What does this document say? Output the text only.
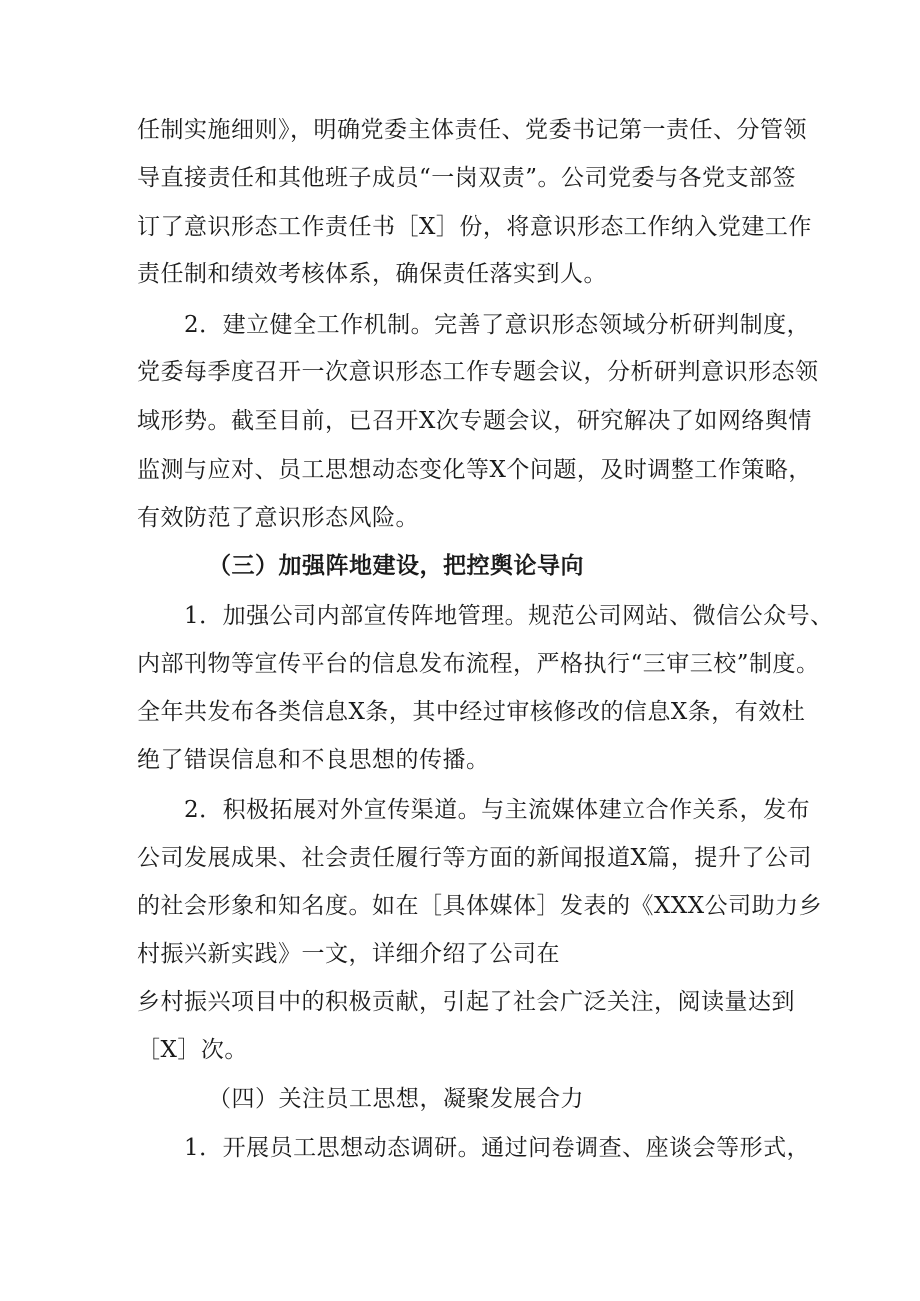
任制实施细则》，明确党委主体责任、党委书记第一责任、分管领
导直接责任和其他班子成员“一岗双责”。公司党委与各党支部签
订了意识形态工作责任书［X］份，将意识形态工作纳入党建工作
责任制和绩效考核体系，确保责任落实到人。
2．建立健全工作机制。完善了意识形态领域分析研判制度，
党委每季度召开一次意识形态工作专题会议，分析研判意识形态领
域形势。截至目前，已召开X次专题会议，研究解决了如网络舆情
监测与应对、员工思想动态变化等X个问题，及时调整工作策略，
有效防范了意识形态风险。
（三）加强阵地建设，把控舆论导向
1．加强公司内部宣传阵地管理。规范公司网站、微信公众号、
内部刊物等宣传平台的信息发布流程，严格执行“三审三校”制度。
全年共发布各类信息X条，其中经过审核修改的信息X条，有效杜
绝了错误信息和不良思想的传播。
2．积极拓展对外宣传渠道。与主流媒体建立合作关系，发布
公司发展成果、社会责任履行等方面的新闻报道X篇，提升了公司
的社会形象和知名度。如在［具体媒体］发表的《XXX公司助力乡
村振兴新实践》一文，详细介绍了公司在
乡村振兴项目中的积极贡献，引起了社会广泛关注，阅读量达到
［X］次。
（四）关注员工思想，凝聚发展合力
1．开展员工思想动态调研。通过问卷调查、座谈会等形式，
